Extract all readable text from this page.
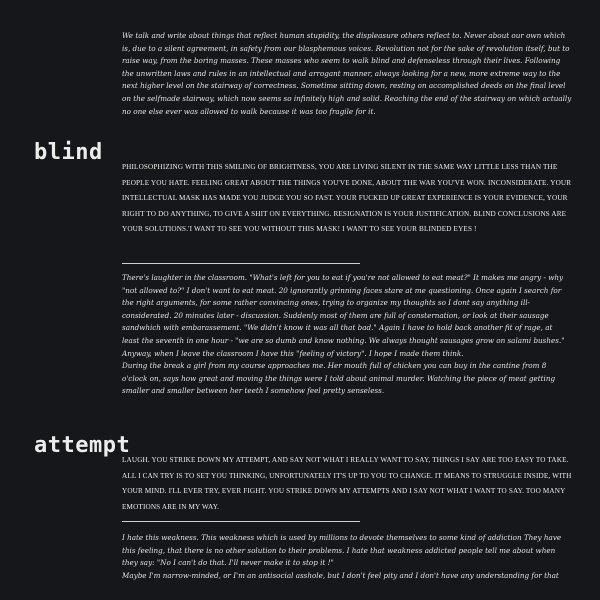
We talk and write about things that reflect human stupidity, the displeasure others reflect to. Never about our own which is, due to a silent agreement, in safety from our blasphemous voices. Revolution not for the sake of revolution itself, but to raise way, from the boring masses. These masses who seem to walk blind and defenseless through their lives. Following the unwritten laws and rules in an intellectual and arrogant manner, always looking for a new, more extreme way to the next higher level on the stairway of correctness. Sometime sitting down, resting on accomplished deeds on the final level on the selfmade stairway, which now seems so infinitely high and solid. Reaching the end of the stairway on which actually no one else ever was allowed to walk because it was too fragile for it.

blind

PHILOSOPHIZING WITH THIS SMILING OF BRIGHTNESS, YOU ARE LIVING SILENT IN THE SAME WAY LITTLE LESS THAN THE PEOPLE YOU HATE. FEELING GREAT ABOUT THE THINGS YOU'VE DONE, ABOUT THE WAR YOU'VE WON. INCONSIDERATE. YOUR INTELLECTUAL MASK HAS MADE YOU JUDGE YOU SO FAST. YOUR FUCKED UP GREAT EXPERIENCE IS YOUR EVIDENCE, YOUR RIGHT TO DO ANYTHING, TO GIVE A SHIT ON EVERYTHING. RESIGNATION IS YOUR JUSTIFICATION. BLIND CONCLUSIONS ARE YOUR SOLUTIONS.'I WANT TO SEE YOU WITHOUT THIS MASK! I WANT TO SEE YOUR BLINDED EYES !

There's laughter in the classroom. "What's left for you to eat if you're not allowed to eat meat?" It makes me angry - why "not allowed to?" I don't want to eat meat. 20 ignorantly grinning faces stare at me questioning. Once again I search for the right arguments, for some rather convincing ones, trying to organize my thoughts so I dont say anything ill-considerated. 20 minutes later - discussion. Suddenly most of them are full of consternation, or look at their sausage sandwhich with embarassement. "We didn't know it was all that bad." Again I have to hold back another fit of rage, at least the seventh in one hour - "we are so dumb and know nothing. We always thought sausages grow on salami bushes." Anyway, when I leave the classroom I have this "feeling of victory". I hope I made them think.

During the break a girl from my course approaches me. Her mouth full of chicken you can buy in the cantine from 8 o'clock on, says how great and moving the things were I told about animal murder. Watching the piece of meat getting smaller and smaller between her teeth I somehow feel pretty senseless.

attempt

LAUGH. YOU STRIKE DOWN MY ATTEMPT, AND SAY NOT WHAT I REALLY WANT TO SAY, THINGS I SAY ARE TOO EASY TO TAKE. ALL I CAN TRY IS TO SET YOU THINKING, UNFORTUNATELY IT'S UP TO YOU TO CHANGE. IT MEANS TO STRUGGLE INSIDE, WITH YOUR MIND. I'LL EVER TRY, EVER FIGHT. YOU STRIKE DOWN MY ATTEMPTS AND I SAY NOT WHAT I WANT TO SAY. TOO MANY EMOTIONS ARE IN MY WAY.

I hate this weakness. This weakness which is used by millions to devote themselves to some kind of addiction They have this feeling, that there is no other solution to their problems. I hate that weakness addicted people tell me about when they say: "No I can't do that. I'll never make it to stop it !"

Maybe I'm narrow-minded, or I'm an antisocial asshole, but I don't feel pity and I don't have any understanding for that
